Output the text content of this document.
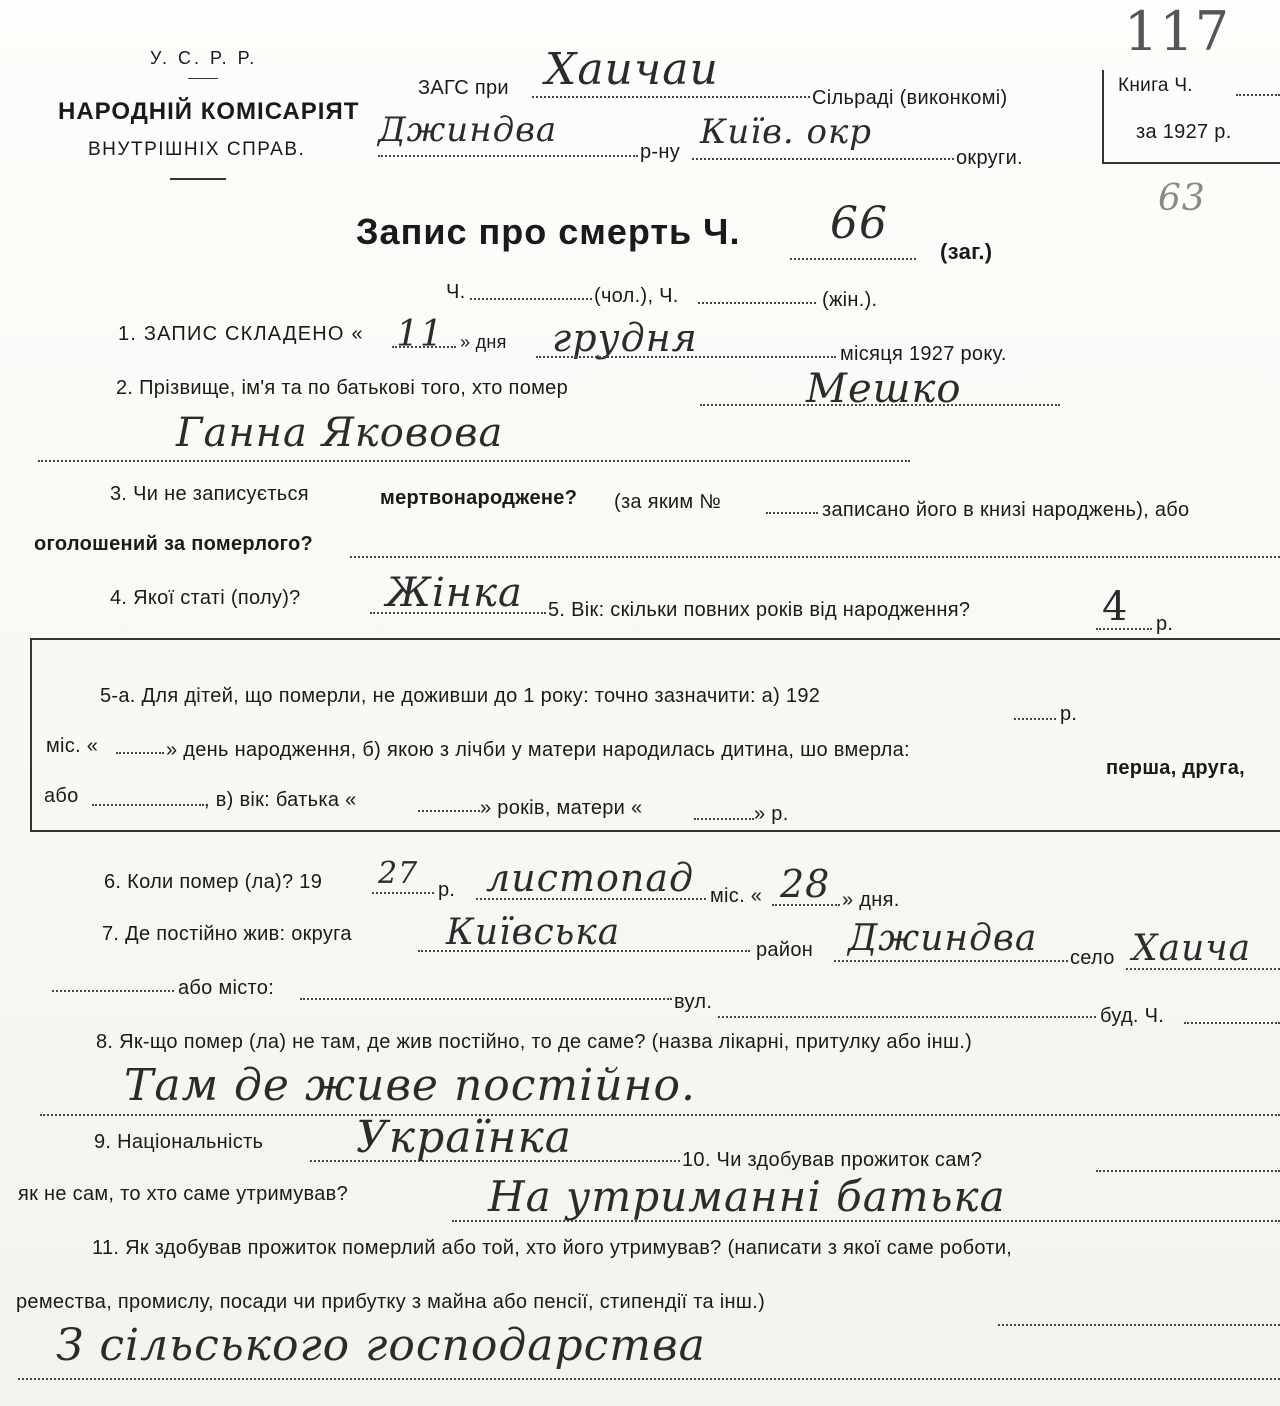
У. С. Р. Р.
НАРОДНІЙ КОМІСАРІЯТ
ВНУТРІШНІХ СПРАВ.
ЗАГС при Хаичаи
Сільраді (виконкомі)
Джиндва
р-ну Київ. окр
округи.
Книга Ч.
за 1927 р.
117
63
Запис про смерть Ч. 66
(заг.)
Ч.	(чол.), Ч.	(жін.).
1. ЗАПИС СКЛАДЕНО « 11 » дня грудня	місяця 1927 року.
2. Прізвище, ім'я та по батькові того, хто помер	Мешко
Ганна Яковова
3. Чи не записується	мертвонароджене? (за яким №	записано його в книзі народжень), або
оголошений за померлого?
4. Якої статі (полу)? Жінка 5. Вік: скільки повних років від народження?	4 р.
5-а. Для дітей, що померли, не доживши до 1 року: точно зазначити: а) 192
р.
міс. «	» день народження, б) якою з лічби у матери народилась дитина, шо вмерла:
перша, друга,
або	, в) вік: батька «	» років, матери «	» р.
6. Коли помер (ла)? 19 27 р. листопад міс. « 28 » дня.
7. Де постійно жив: округа	Київська	район Джиндва село Хаича
або місто:
вул.
буд. Ч.
8. Як-що помер (ла) не там, де жив постійно, то де саме? (назва лікарні, притулку або інш.)
Там де живе постійно.
9. Національність Українка	10. Чи здобував прожиток сам?
як не сам, то хто саме утримував?	На утриманні батька
11. Як здобував прожиток померлий або той, хто його утримував? (написати з якої саме роботи,
ремества, промислу, посади чи прибутку з майна або пенсії, стипендії та інш.)
З сільського господарства
